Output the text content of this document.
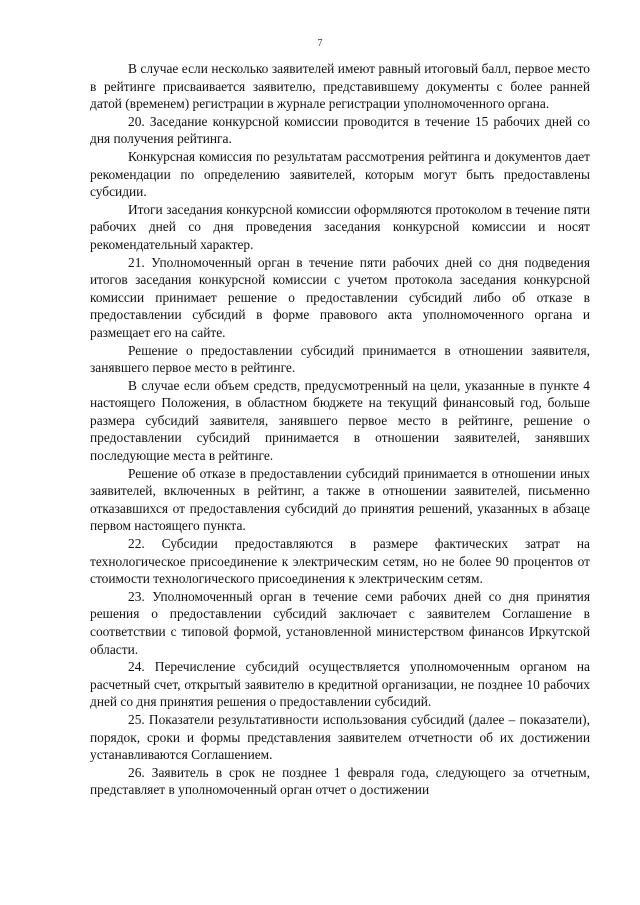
7

В случае если несколько заявителей имеют равный итоговый балл, первое место в рейтинге присваивается заявителю, представившему документы с более ранней датой (временем) регистрации в журнале регистрации уполномоченного органа.

20. Заседание конкурсной комиссии проводится в течение 15 рабочих дней со дня получения рейтинга.

Конкурсная комиссия по результатам рассмотрения рейтинга и документов дает рекомендации по определению заявителей, которым могут быть предоставлены субсидии.

Итоги заседания конкурсной комиссии оформляются протоколом в течение пяти рабочих дней со дня проведения заседания конкурсной комиссии и носят рекомендательный характер.

21. Уполномоченный орган в течение пяти рабочих дней со дня подведения итогов заседания конкурсной комиссии с учетом протокола заседания конкурсной комиссии принимает решение о предоставлении субсидий либо об отказе в предоставлении субсидий в форме правового акта уполномоченного органа и размещает его на сайте.

Решение о предоставлении субсидий принимается в отношении заявителя, занявшего первое место в рейтинге.

В случае если объем средств, предусмотренный на цели, указанные в пункте 4 настоящего Положения, в областном бюджете на текущий финансовый год, больше размера субсидий заявителя, занявшего первое место в рейтинге, решение о предоставлении субсидий принимается в отношении заявителей, занявших последующие места в рейтинге.

Решение об отказе в предоставлении субсидий принимается в отношении иных заявителей, включенных в рейтинг, а также в отношении заявителей, письменно отказавшихся от предоставления субсидий до принятия решений, указанных в абзаце первом настоящего пункта.

22. Субсидии предоставляются в размере фактических затрат на технологическое присоединение к электрическим сетям, но не более 90 процентов от стоимости технологического присоединения к электрическим сетям.

23. Уполномоченный орган в течение семи рабочих дней со дня принятия решения о предоставлении субсидий заключает с заявителем Соглашение в соответствии с типовой формой, установленной министерством финансов Иркутской области.

24. Перечисление субсидий осуществляется уполномоченным органом на расчетный счет, открытый заявителю в кредитной организации, не позднее 10 рабочих дней со дня принятия решения о предоставлении субсидий.

25. Показатели результативности использования субсидий (далее – показатели), порядок, сроки и формы представления заявителем отчетности об их достижении устанавливаются Соглашением.

26. Заявитель в срок не позднее 1 февраля года, следующего за отчетным, представляет в уполномоченный орган отчет о достижении
